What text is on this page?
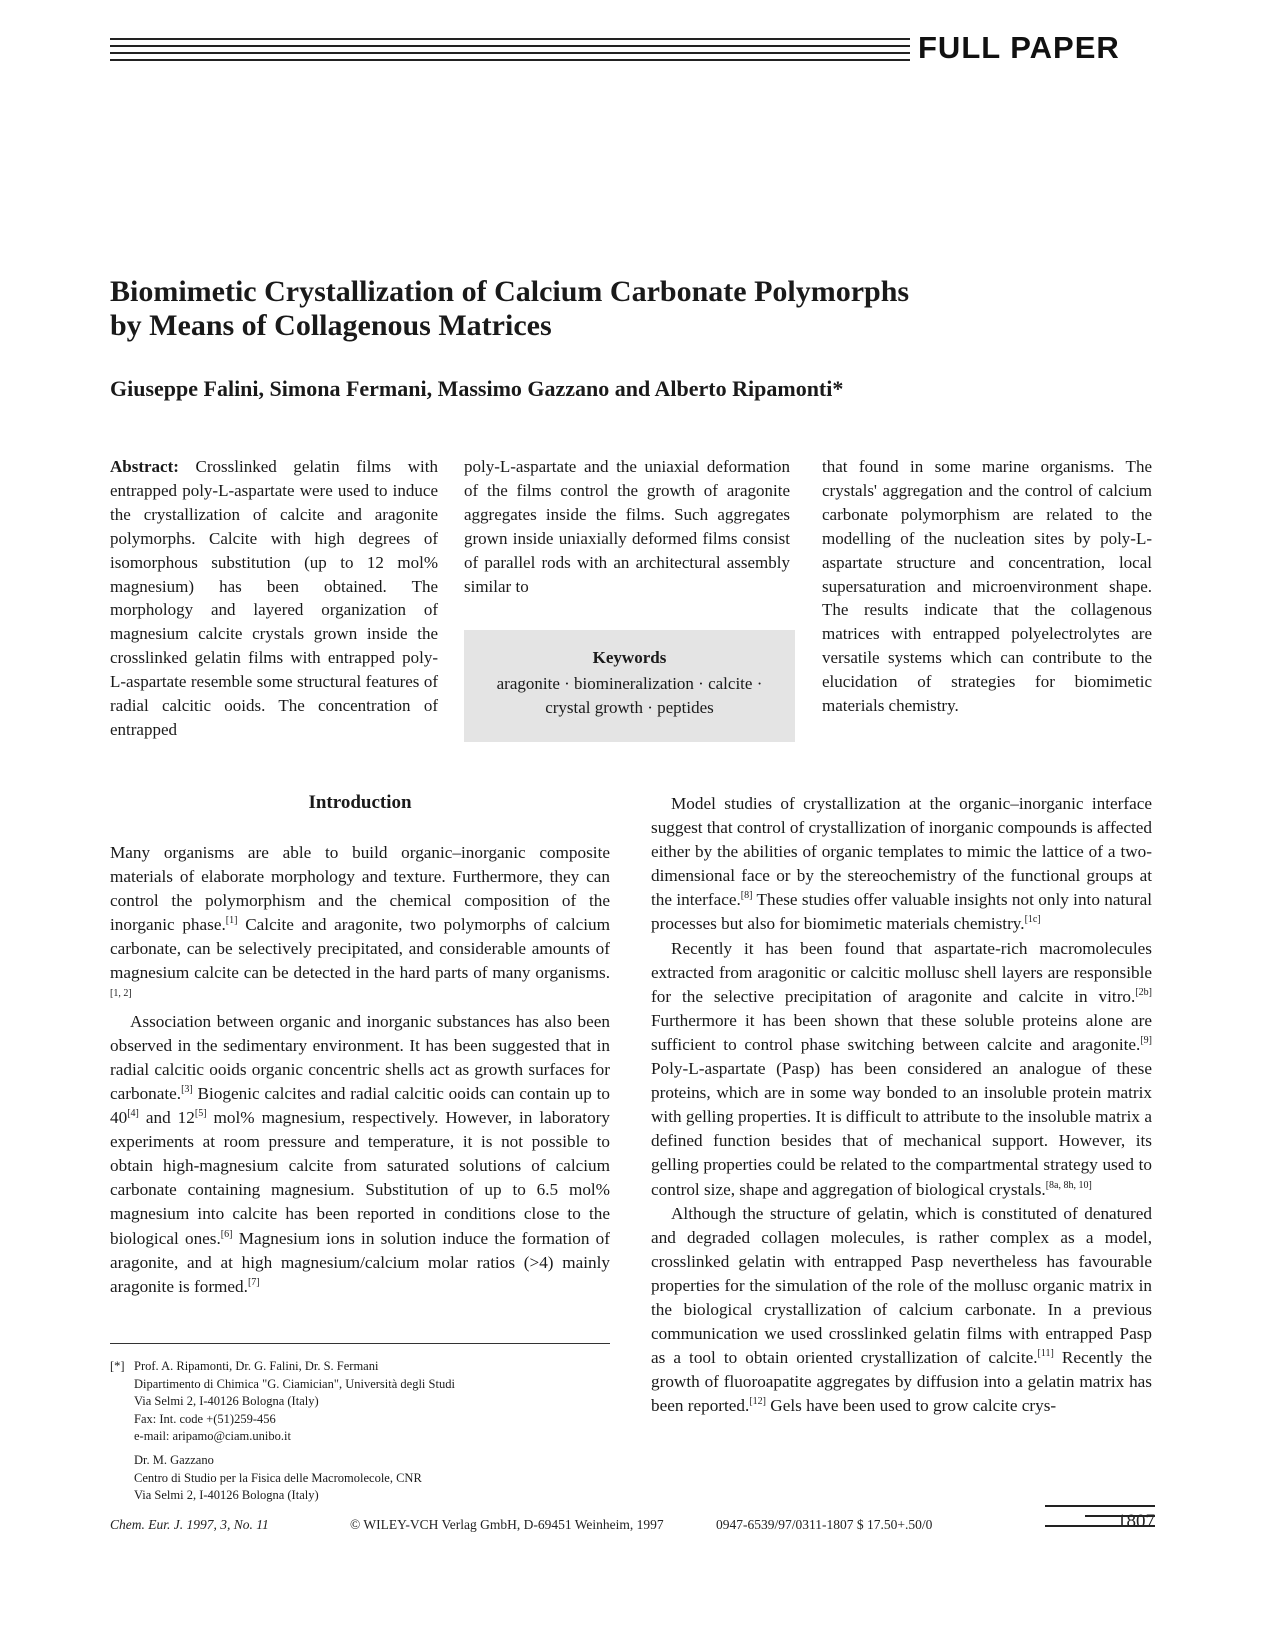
FULL PAPER
Biomimetic Crystallization of Calcium Carbonate Polymorphs
by Means of Collagenous Matrices
Giuseppe Falini, Simona Fermani, Massimo Gazzano and Alberto Ripamonti*

Abstract: Crosslinked gelatin films with entrapped poly-L-aspartate were used to induce the crystallization of calcite and aragonite polymorphs. Calcite with high degrees of isomorphous substitution (up to 12 mol% magnesium) has been obtained. The morphology and layered organization of magnesium calcite crystals grown inside the crosslinked gelatin films with entrapped poly-L-aspartate resemble some structural features of radial calcitic ooids. The concentration of entrapped

poly-L-aspartate and the uniaxial deformation of the films control the growth of aragonite aggregates inside the films. Such aggregates grown inside uniaxially deformed films consist of parallel rods with an architectural assembly similar to

that found in some marine organisms. The crystals' aggregation and the control of calcium carbonate polymorphism are related to the modelling of the nucleation sites by poly-L-aspartate structure and concentration, local supersaturation and microenvironment shape. The results indicate that the collagenous matrices with entrapped polyelectrolytes are versatile systems which can contribute to the elucidation of strategies for biomimetic materials chemistry.

Keywords
aragonite · biomineralization · calcite · crystal growth · peptides
Introduction

Many organisms are able to build organic–inorganic composite materials of elaborate morphology and texture. Furthermore, they can control the polymorphism and the chemical composition of the inorganic phase.[1] Calcite and aragonite, two polymorphs of calcium carbonate, can be selectively precipitated, and considerable amounts of magnesium calcite can be detected in the hard parts of many organisms.[1, 2]

Association between organic and inorganic substances has also been observed in the sedimentary environment. It has been suggested that in radial calcitic ooids organic concentric shells act as growth surfaces for carbonate.[3] Biogenic calcites and radial calcitic ooids can contain up to 40[4] and 12[5] mol% magnesium, respectively. However, in laboratory experiments at room pressure and temperature, it is not possible to obtain high-magnesium calcite from saturated solutions of calcium carbonate containing magnesium. Substitution of up to 6.5 mol% magnesium into calcite has been reported in conditions close to the biological ones.[6] Magnesium ions in solution induce the formation of aragonite, and at high magnesium/calcium molar ratios (>4) mainly aragonite is formed.[7]

Model studies of crystallization at the organic–inorganic interface suggest that control of crystallization of inorganic compounds is affected either by the abilities of organic templates to mimic the lattice of a two-dimensional face or by the stereochemistry of the functional groups at the interface.[8] These studies offer valuable insights not only into natural processes but also for biomimetic materials chemistry.[1c]

Recently it has been found that aspartate-rich macromolecules extracted from aragonitic or calcitic mollusc shell layers are responsible for the selective precipitation of aragonite and calcite in vitro.[2b] Furthermore it has been shown that these soluble proteins alone are sufficient to control phase switching between calcite and aragonite.[9] Poly-L-aspartate (Pasp) has been considered an analogue of these proteins, which are in some way bonded to an insoluble protein matrix with gelling properties. It is difficult to attribute to the insoluble matrix a defined function besides that of mechanical support. However, its gelling properties could be related to the compartmental strategy used to control size, shape and aggregation of biological crystals.[8a, 8h, 10]

Although the structure of gelatin, which is constituted of denatured and degraded collagen molecules, is rather complex as a model, crosslinked gelatin with entrapped Pasp nevertheless has favourable properties for the simulation of the role of the mollusc organic matrix in the biological crystallization of calcium carbonate. In a previous communication we used crosslinked gelatin films with entrapped Pasp as a tool to obtain oriented crystallization of calcite.[11] Recently the growth of fluoroapatite aggregates by diffusion into a gelatin matrix has been reported.[12] Gels have been used to grow calcite crys-

[*] Prof. A. Ripamonti, Dr. G. Falini, Dr. S. Fermani
Dipartimento di Chimica "G. Ciamician", Università degli Studi
Via Selmi 2, I-40126 Bologna (Italy)
Fax: Int. code +(51)259-456
e-mail: aripamo@ciam.unibo.it
Dr. M. Gazzano
Centro di Studio per la Fisica delle Macromolecole, CNR
Via Selmi 2, I-40126 Bologna (Italy)
Chem. Eur. J. 1997, 3, No. 11	© WILEY-VCH Verlag GmbH, D-69451 Weinheim, 1997	0947-6539/97/0311-1807 $ 17.50+.50/0	1807
